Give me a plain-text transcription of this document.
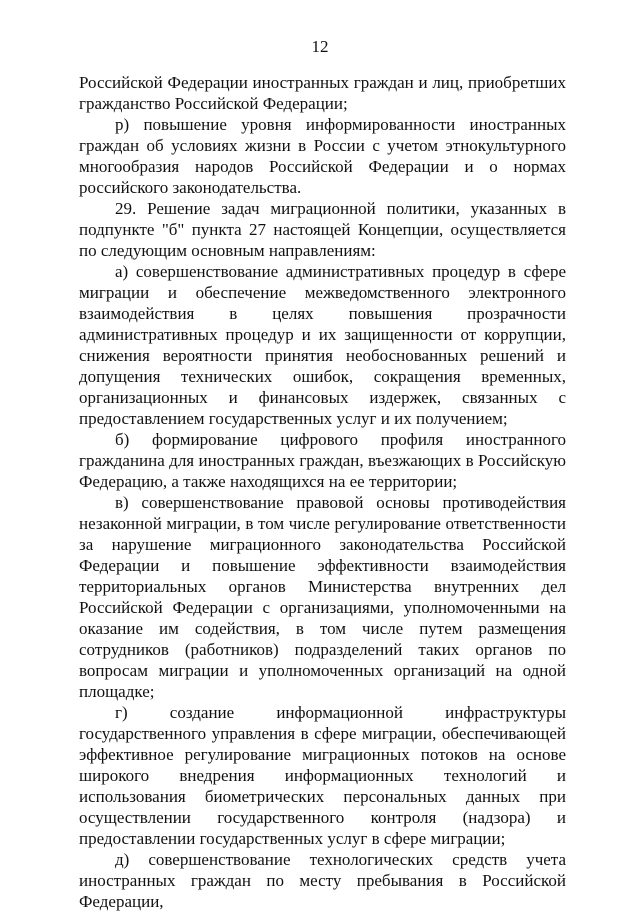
12

Российской Федерации иностранных граждан и лиц, приобретших гражданство Российской Федерации;

р) повышение уровня информированности иностранных граждан об условиях жизни в России с учетом этнокультурного многообразия народов Российской Федерации и о нормах российского законодательства.

29. Решение задач миграционной политики, указанных в подпункте "б" пункта 27 настоящей Концепции, осуществляется по следующим основным направлениям:

а) совершенствование административных процедур в сфере миграции и обеспечение межведомственного электронного взаимодействия в целях повышения прозрачности административных процедур и их защищенности от коррупции, снижения вероятности принятия необоснованных решений и допущения технических ошибок, сокращения временных, организационных и финансовых издержек, связанных с предоставлением государственных услуг и их получением;

б) формирование цифрового профиля иностранного гражданина для иностранных граждан, въезжающих в Российскую Федерацию, а также находящихся на ее территории;

в) совершенствование правовой основы противодействия незаконной миграции, в том числе регулирование ответственности за нарушение миграционного законодательства Российской Федерации и повышение эффективности взаимодействия территориальных органов Министерства внутренних дел Российской Федерации с организациями, уполномоченными на оказание им содействия, в том числе путем размещения сотрудников (работников) подразделений таких органов по вопросам миграции и уполномоченных организаций на одной площадке;

г) создание информационной инфраструктуры государственного управления в сфере миграции, обеспечивающей эффективное регулирование миграционных потоков на основе широкого внедрения информационных технологий и использования биометрических персональных данных при осуществлении государственного контроля (надзора) и предоставлении государственных услуг в сфере миграции;

д) совершенствование технологических средств учета иностранных граждан по месту пребывания в Российской Федерации,
